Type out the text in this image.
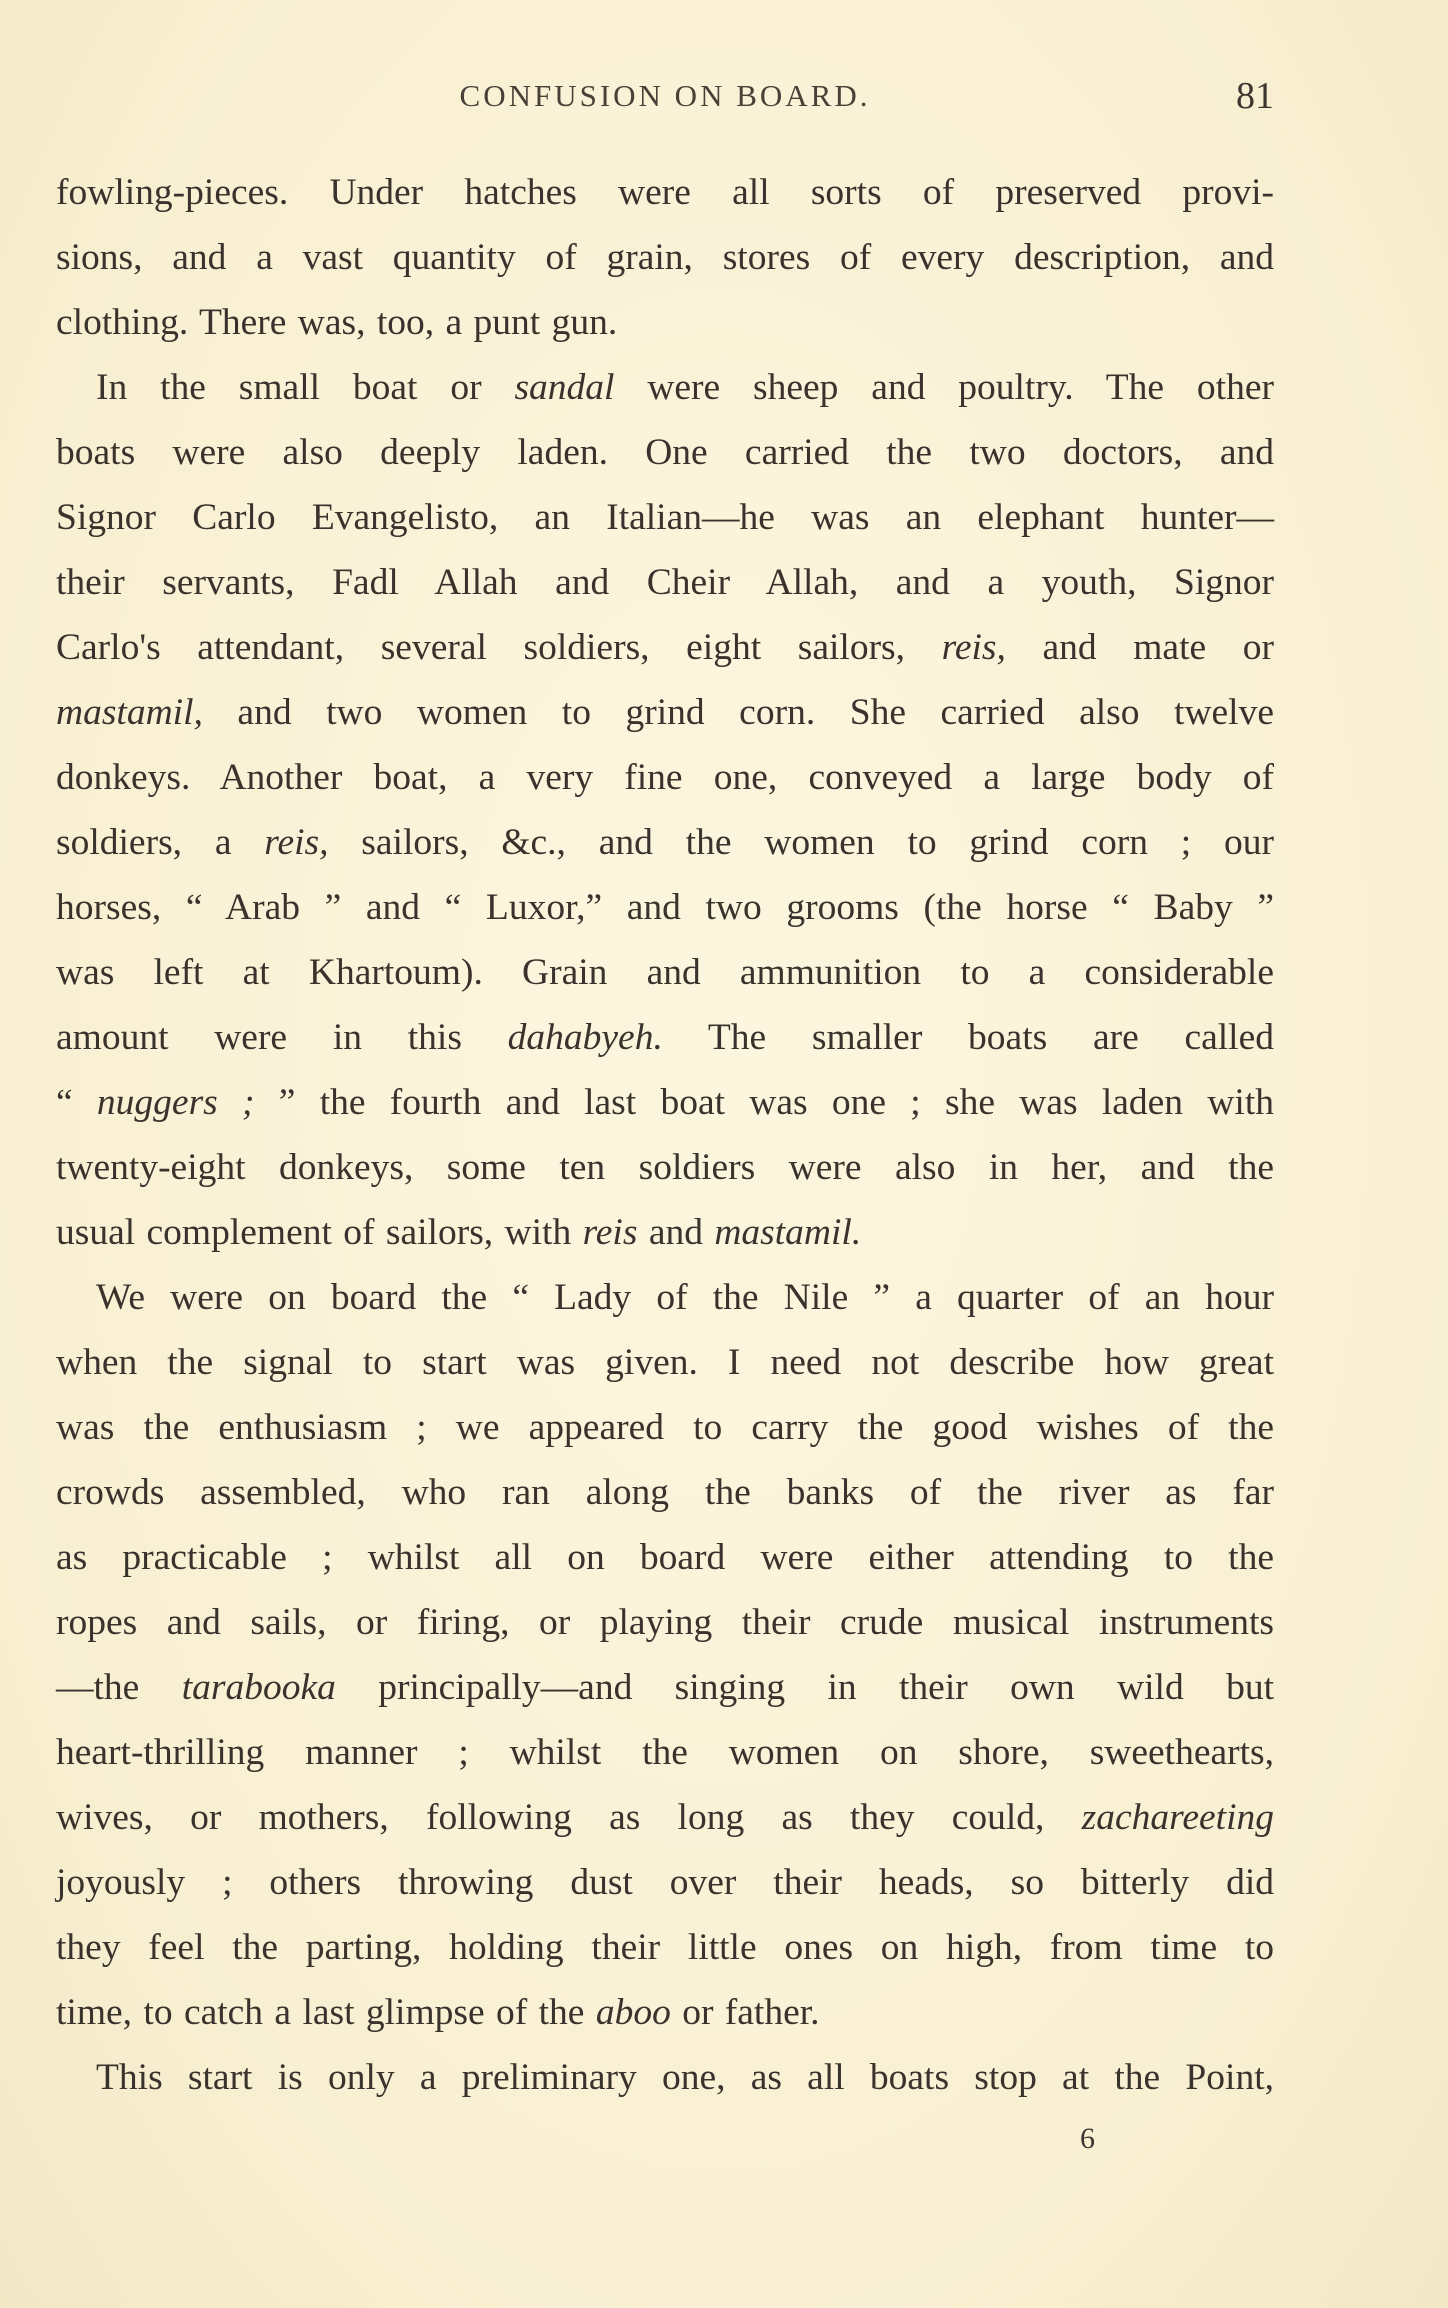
CONFUSION ON BOARD.	81
fowling-pieces. Under hatches were all sorts of preserved provi-
sions, and a vast quantity of grain, stores of every description, and
clothing. There was, too, a punt gun.
In the small boat or sandal were sheep and poultry. The other
boats were also deeply laden. One carried the two doctors, and
Signor Carlo Evangelisto, an Italian—he was an elephant hunter—
their servants, Fadl Allah and Cheir Allah, and a youth, Signor
Carlo's attendant, several soldiers, eight sailors, reis, and mate or
mastamil, and two women to grind corn. She carried also twelve
donkeys. Another boat, a very fine one, conveyed a large body of
soldiers, a reis, sailors, &c., and the women to grind corn ; our
horses, “ Arab ” and “ Luxor,” and two grooms (the horse “ Baby ”
was left at Khartoum). Grain and ammunition to a considerable
amount were in this dahabyeh. The smaller boats are called
“ nuggers ; ” the fourth and last boat was one ; she was laden with
twenty-eight donkeys, some ten soldiers were also in her, and the
usual complement of sailors, with reis and mastamil.
We were on board the “ Lady of the Nile ” a quarter of an hour
when the signal to start was given. I need not describe how great
was the enthusiasm ; we appeared to carry the good wishes of the
crowds assembled, who ran along the banks of the river as far
as practicable ; whilst all on board were either attending to the
ropes and sails, or firing, or playing their crude musical instruments
—the tarabooka principally—and singing in their own wild but
heart-thrilling manner ; whilst the women on shore, sweethearts,
wives, or mothers, following as long as they could, zachareeting
joyously ; others throwing dust over their heads, so bitterly did
they feel the parting, holding their little ones on high, from time to
time, to catch a last glimpse of the aboo or father.
This start is only a preliminary one, as all boats stop at the Point,
6
